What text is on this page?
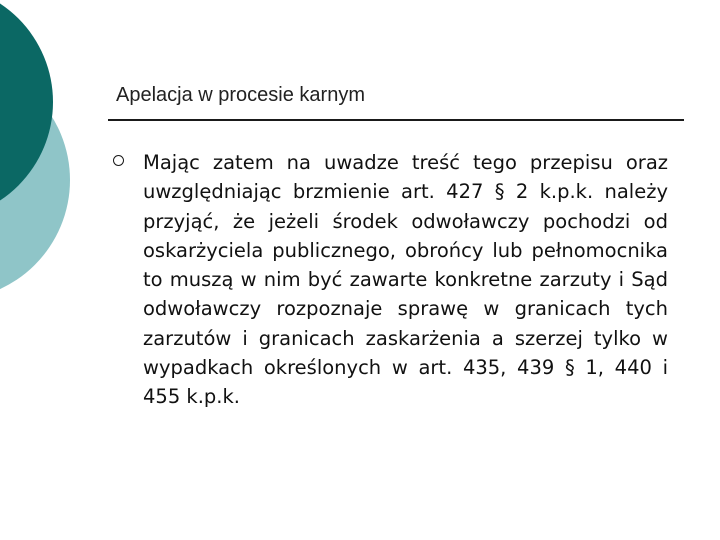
Apelacja w procesie karnym
Mając zatem na uwadze treść tego przepisu oraz uwzględniając brzmienie art. 427 § 2 k.p.k. należy przyjąć, że jeżeli środek odwoławczy pochodzi od oskarżyciela publicznego, obrońcy lub pełnomocnika to muszą w nim być zawarte konkretne zarzuty i Sąd odwoławczy rozpoznaje sprawę w granicach tych zarzutów i granicach zaskarżenia a szerzej tylko w wypadkach określonych w art. 435, 439 § 1, 440 i 455 k.p.k.
